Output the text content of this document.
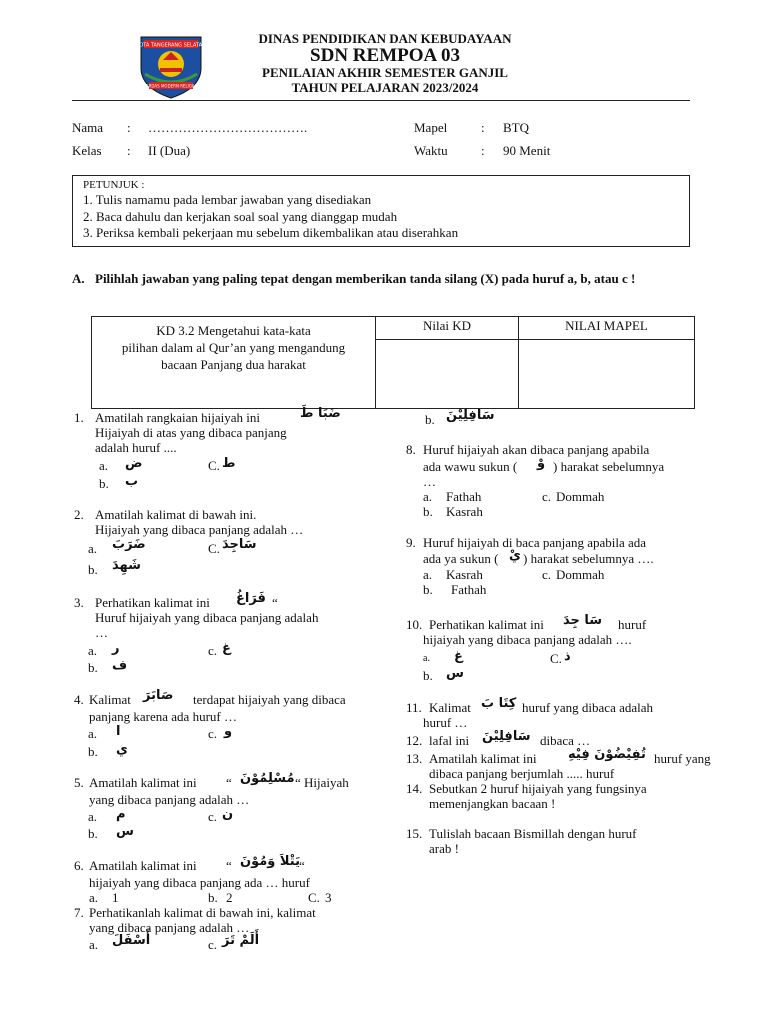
KOTA TANGERANG SELATAN
CERDAS MODERN RELIGIUS
DINAS PENDIDIKAN DAN KEBUDAYAAN
SDN REMPOA 03
PENILAIAN AKHIR SEMESTER GANJIL
TAHUN PELAJARAN 2023/2024
Nama : ……………………………….
Kelas : II (Dua)
Mapel	: BTQ
Waktu	: 90 Menit
PETUNJUK :
1. Tulis namamu pada lembar jawaban yang disediakan
2. Baca dahulu dan kerjakan soal soal yang dianggap mudah
3. Periksa kembali pekerjaan mu sebelum dikembalikan atau diserahkan
A. Pilihlah jawaban yang paling tepat dengan memberikan tanda silang (X) pada huruf a, b, atau c !
KD 3.2 Mengetahui kata-kata
pilihan dalam al Qur’an yang mengandung
bacaan Panjang dua harakat	Nilai KD	NILAI MAPEL

1. Amatilah rangkaian hijaiyah ini	ضَبَا طَ
Hijaiyah di atas yang dibaca panjang
adalah huruf ....
a. ض	C. ط
b. ب
2. Amatilah kalimat di bawah ini.
Hijaiyah yang dibaca panjang adalah …
a. ضَرَبَ	C. سَاجِدَ
b. شَهِدَ
3. Perhatikan kalimat ini فَرَاغُ “
Huruf hijaiyah yang dibaca panjang adalah
…
a. ر	c. غ
b. ف
4. Kalimat صَابَرَ terdapat hijaiyah yang dibaca
panjang karena ada huruf …
a. ا	c. و
b. ي
5. Amatilah kalimat ini “ مُسْلِمُوْنَ “ Hijaiyah
yang dibaca panjang adalah …
a. م	c. ن
b. س
6. Amatilah kalimat ini “ يَتْلاَ وَمُوْنَ “
hijaiyah yang dibaca panjang ada … huruf
a. 1	b. 2	C. 3
7. Perhatikanlah kalimat di bawah ini, kalimat
yang dibaca panjang adalah …
a. أَسْفَلَ	c. أَلَمْ تَرَ
b. سَافِلِيْنَ
8. Huruf hijaiyah akan dibaca panjang apabila
ada wawu sukun ( وْ ) harakat sebelumnya
…
a. Fathah	c. Dommah
b. Kasrah
9. Huruf hijaiyah di baca panjang apabila ada
ada ya sukun ( يْ ) harakat sebelumnya ….
a. Kasrah	c. Dommah
b. Fathah
10. Perhatikan kalimat ini سَا جِدَ huruf
hijaiyah yang dibaca panjang adalah ….
a. غ	C. ذ
b. س
11. Kalimat كِتَا بَ huruf yang dibaca adalah
huruf …
12. lafal ini سَافِلِيْنَ dibaca …
13. Amatilah kalimat ini تُفِيْضُوْنَ فِيْهِ huruf yang
dibaca panjang berjumlah ..... huruf
14. Sebutkan 2 huruf hijaiyah yang fungsinya
memenjangkan bacaan !
15. Tulislah bacaan Bismillah dengan huruf
arab !
